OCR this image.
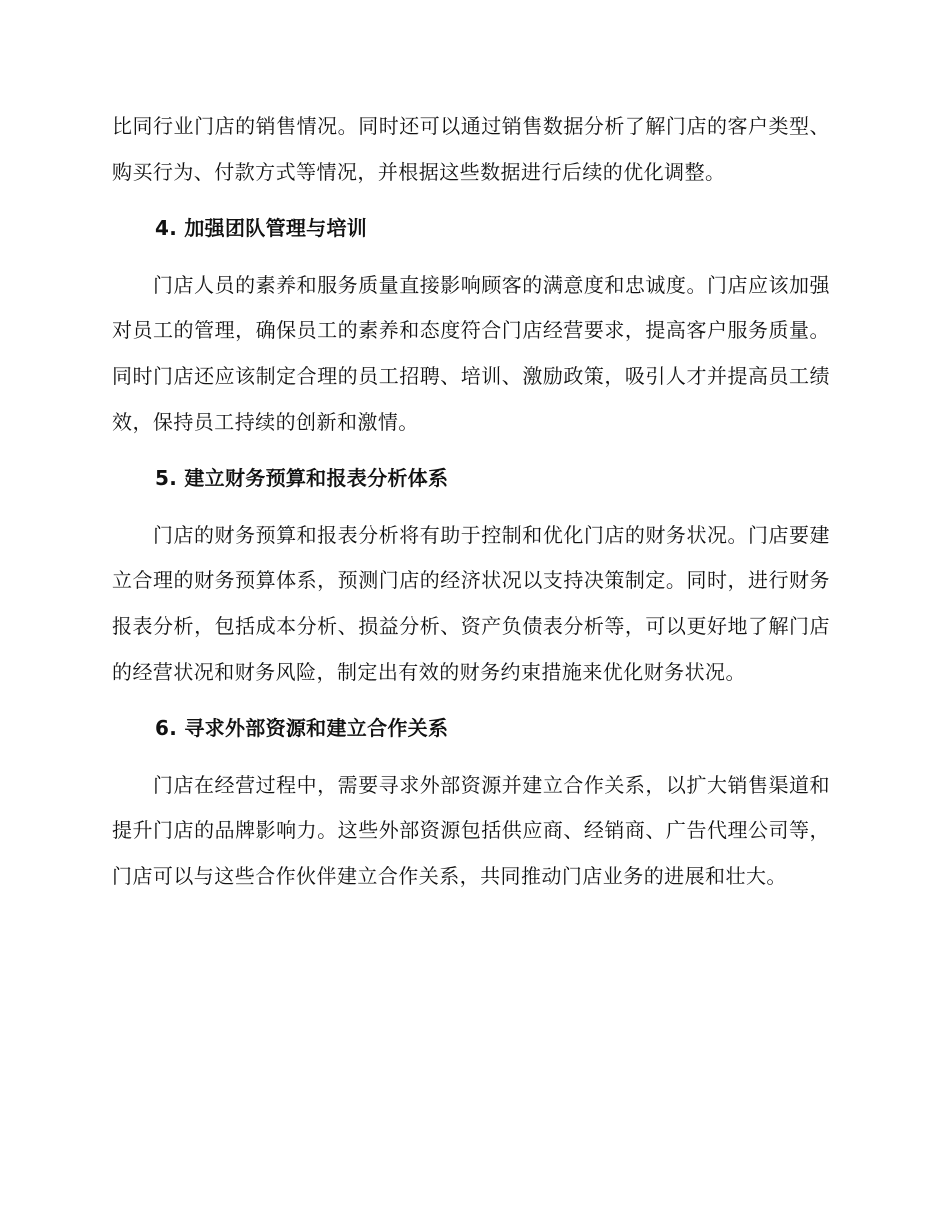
比同行业门店的销售情况。同时还可以通过销售数据分析了解门店的客户类型、购买行为、付款方式等情况，并根据这些数据进行后续的优化调整。

4. 加强团队管理与培训

门店人员的素养和服务质量直接影响顾客的满意度和忠诚度。门店应该加强对员工的管理，确保员工的素养和态度符合门店经营要求，提高客户服务质量。同时门店还应该制定合理的员工招聘、培训、激励政策，吸引人才并提高员工绩效，保持员工持续的创新和激情。

5. 建立财务预算和报表分析体系

门店的财务预算和报表分析将有助于控制和优化门店的财务状况。门店要建立合理的财务预算体系，预测门店的经济状况以支持决策制定。同时，进行财务报表分析，包括成本分析、损益分析、资产负债表分析等，可以更好地了解门店的经营状况和财务风险，制定出有效的财务约束措施来优化财务状况。

6. 寻求外部资源和建立合作关系

门店在经营过程中，需要寻求外部资源并建立合作关系，以扩大销售渠道和提升门店的品牌影响力。这些外部资源包括供应商、经销商、广告代理公司等，门店可以与这些合作伙伴建立合作关系，共同推动门店业务的进展和壮大。
